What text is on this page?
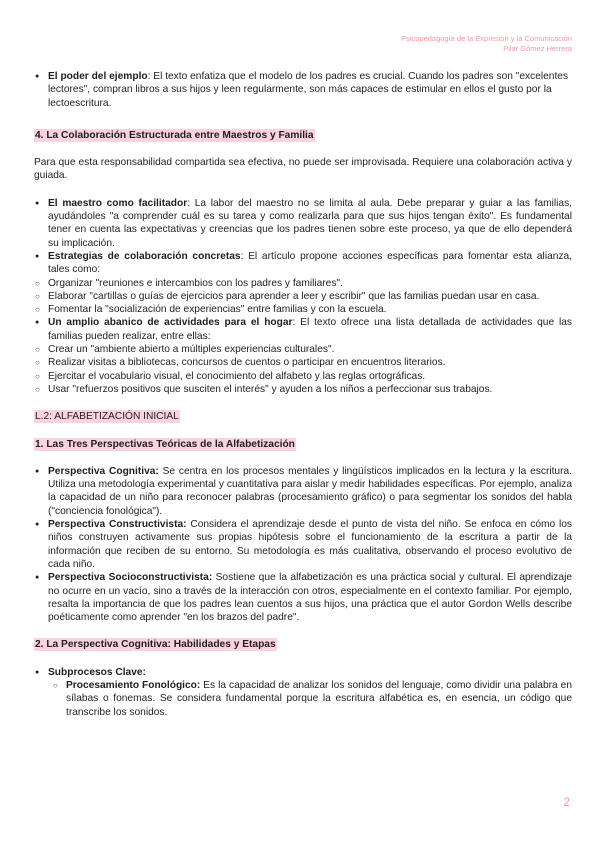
Psicopedagogía de la Expresión y la Comunicación
Pilar Gómez Herrera

● El poder del ejemplo: El texto enfatiza que el modelo de los padres es crucial. Cuando los padres son "excelentes lectores", compran libros a sus hijos y leen regularmente, son más capaces de estimular en ellos el gusto por la lectoescritura.

4. La Colaboración Estructurada entre Maestros y Familia

Para que esta responsabilidad compartida sea efectiva, no puede ser improvisada. Requiere una colaboración activa y guiada.

● El maestro como facilitador: La labor del maestro no se limita al aula. Debe preparar y guiar a las familias, ayudándoles "a comprender cuál es su tarea y como realizarla para que sus hijos tengan éxito". Es fundamental tener en cuenta las expectativas y creencias que los padres tienen sobre este proceso, ya que de ello dependerá su implicación.

● Estrategias de colaboración concretas: El artículo propone acciones específicas para fomentar esta alianza, tales como:

○ Organizar "reuniones e intercambios con los padres y familiares".

○ Elaborar "cartillas o guías de ejercicios para aprender a leer y escribir" que las familias puedan usar en casa.

○ Fomentar la "socialización de experiencias" entre familias y con la escuela.

● Un amplio abanico de actividades para el hogar: El texto ofrece una lista detallada de actividades que las familias pueden realizar, entre ellas:

○ Crear un "ambiente abierto a múltiples experiencias culturales".

○ Realizar visitas a bibliotecas, concursos de cuentos o participar en encuentros literarios.

○ Ejercitar el vocabulario visual, el conocimiento del alfabeto y las reglas ortográficas.

○ Usar "refuerzos positivos que susciten el interés" y ayuden a los niños a perfeccionar sus trabajos.

L.2: ALFABETIZACIÓN INICIAL

1. Las Tres Perspectivas Teóricas de la Alfabetización

● Perspectiva Cognitiva: Se centra en los procesos mentales y lingüísticos implicados en la lectura y la escritura. Utiliza una metodología experimental y cuantitativa para aislar y medir habilidades específicas. Por ejemplo, analiza la capacidad de un niño para reconocer palabras (procesamiento gráfico) o para segmentar los sonidos del habla ("conciencia fonológica").

● Perspectiva Constructivista: Considera el aprendizaje desde el punto de vista del niño. Se enfoca en cómo los niños construyen activamente sus propias hipótesis sobre el funcionamiento de la escritura a partir de la información que reciben de su entorno. Su metodología es más cualitativa, observando el proceso evolutivo de cada niño.

● Perspectiva Socioconstructivista: Sostiene que la alfabetización es una práctica social y cultural. El aprendizaje no ocurre en un vacío, sino a través de la interacción con otros, especialmente en el contexto familiar. Por ejemplo, resalta la importancia de que los padres lean cuentos a sus hijos, una práctica que el autor Gordon Wells describe poéticamente como aprender "en los brazos del padre".

2. La Perspectiva Cognitiva: Habilidades y Etapas

● Subprocesos Clave:

○ Procesamiento Fonológico: Es la capacidad de analizar los sonidos del lenguaje, como dividir una palabra en sílabas o fonemas. Se considera fundamental porque la escritura alfabética es, en esencia, un código que transcribe los sonidos.

2
